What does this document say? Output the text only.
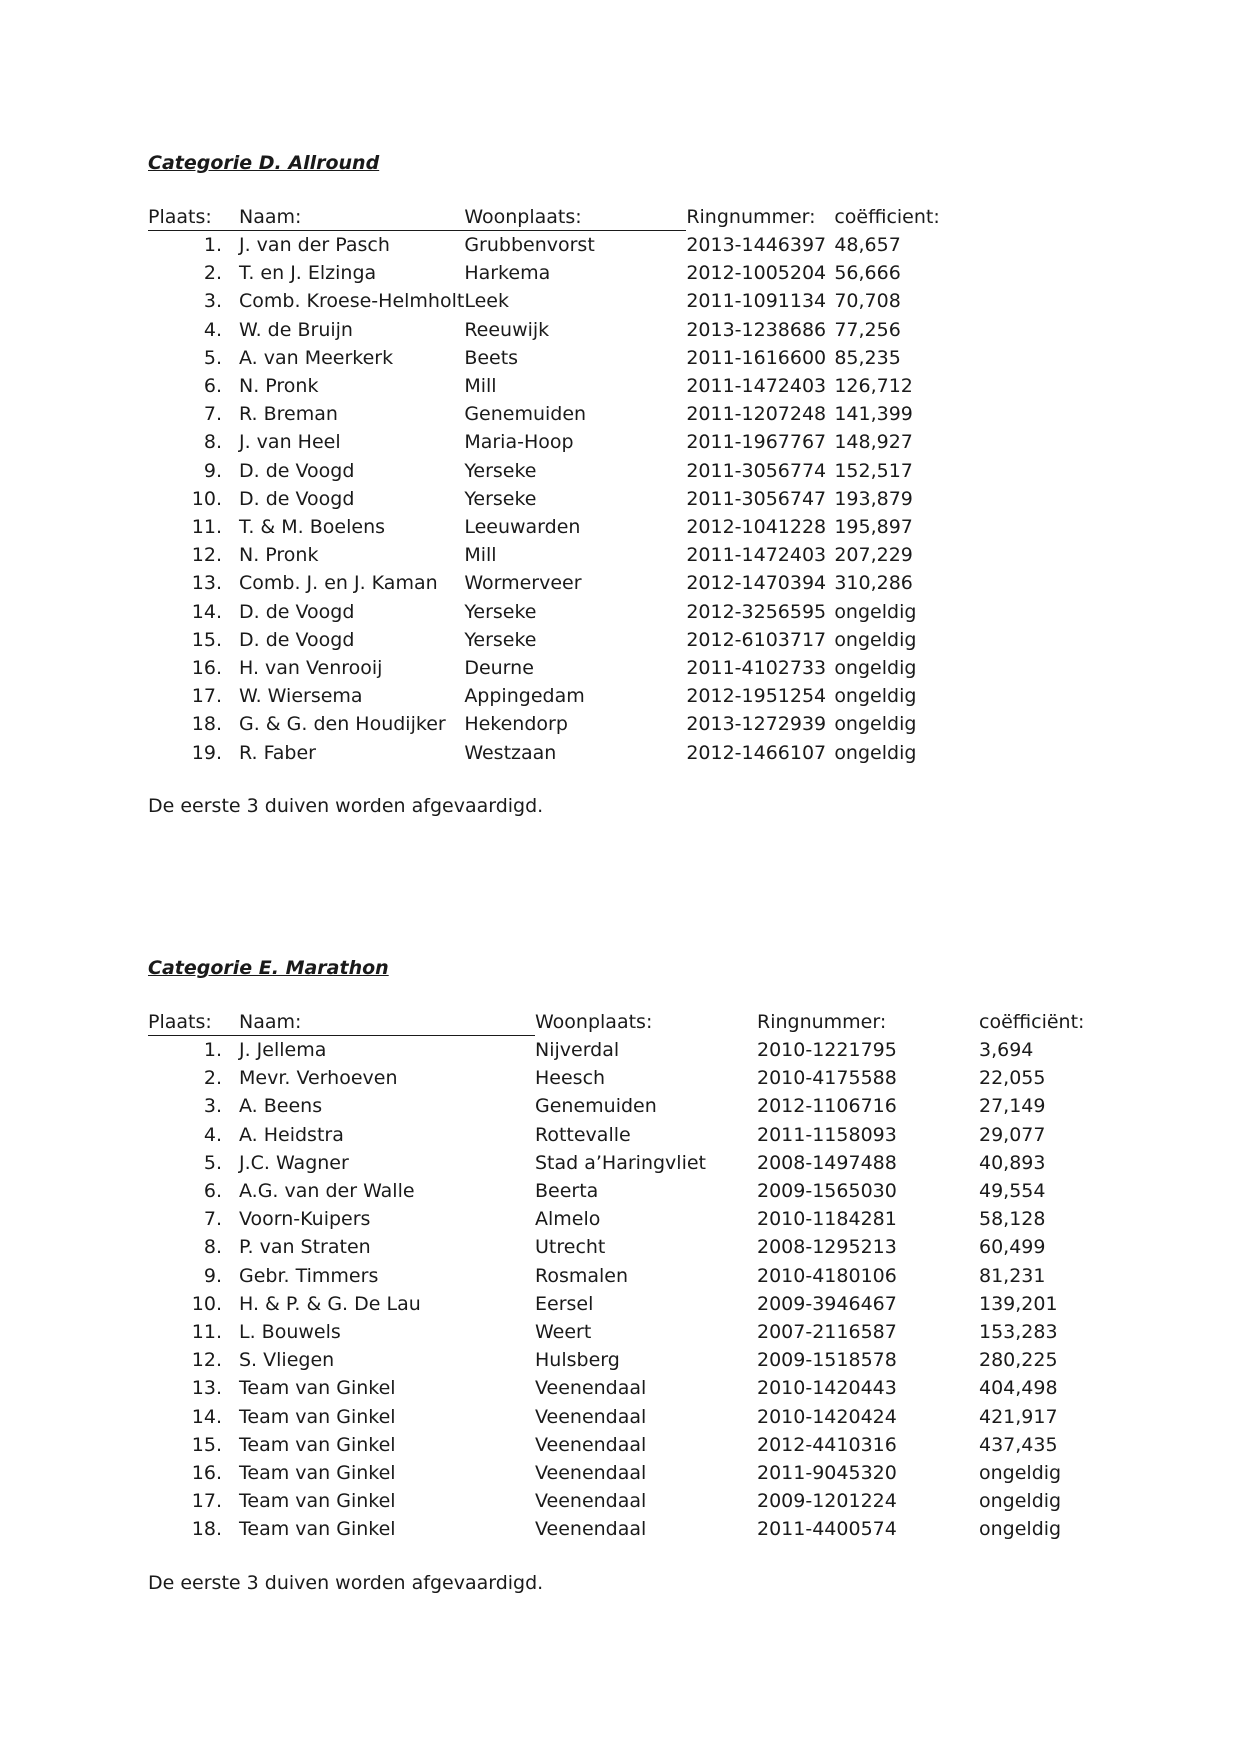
Categorie D. Allround
Plaats:	Naam:	Woonplaats:	Ringnummer:	coëfficient:
1.	J. van der Pasch	Grubbenvorst	2013-1446397	48,657
2.	T. en J. Elzinga	Harkema	2012-1005204	56,666
3.	Comb. Kroese-Helmholt	Leek	2011-1091134	70,708
4.	W. de Bruijn	Reeuwijk	2013-1238686	77,256
5.	A. van Meerkerk	Beets	2011-1616600	85,235
6.	N. Pronk	Mill	2011-1472403	126,712
7.	R. Breman	Genemuiden	2011-1207248	141,399
8.	J. van Heel	Maria-Hoop	2011-1967767	148,927
9.	D. de Voogd	Yerseke	2011-3056774	152,517
10.	D. de Voogd	Yerseke	2011-3056747	193,879
11.	T. & M. Boelens	Leeuwarden	2012-1041228	195,897
12.	N. Pronk	Mill	2011-1472403	207,229
13.	Comb. J. en J. Kaman	Wormerveer	2012-1470394	310,286
14.	D. de Voogd	Yerseke	2012-3256595	ongeldig
15.	D. de Voogd	Yerseke	2012-6103717	ongeldig
16.	H. van Venrooij	Deurne	2011-4102733	ongeldig
17.	W. Wiersema	Appingedam	2012-1951254	ongeldig
18.	G. & G. den Houdijker	Hekendorp	2013-1272939	ongeldig
19.	R. Faber	Westzaan	2012-1466107	ongeldig
De eerste 3 duiven worden afgevaardigd.
Categorie E. Marathon
Plaats:	Naam:	Woonplaats:	Ringnummer:	coëfficiënt:
1.	J. Jellema	Nijverdal	2010-1221795	3,694
2.	Mevr. Verhoeven	Heesch	2010-4175588	22,055
3.	A. Beens	Genemuiden	2012-1106716	27,149
4.	A. Heidstra	Rottevalle	2011-1158093	29,077
5.	J.C. Wagner	Stad a’Haringvliet	2008-1497488	40,893
6.	A.G. van der Walle	Beerta	2009-1565030	49,554
7.	Voorn-Kuipers	Almelo	2010-1184281	58,128
8.	P. van Straten	Utrecht	2008-1295213	60,499
9.	Gebr. Timmers	Rosmalen	2010-4180106	81,231
10.	H. & P. & G. De Lau	Eersel	2009-3946467	139,201
11.	L. Bouwels	Weert	2007-2116587	153,283
12.	S. Vliegen	Hulsberg	2009-1518578	280,225
13.	Team van Ginkel	Veenendaal	2010-1420443	404,498
14.	Team van Ginkel	Veenendaal	2010-1420424	421,917
15.	Team van Ginkel	Veenendaal	2012-4410316	437,435
16.	Team van Ginkel	Veenendaal	2011-9045320	ongeldig
17.	Team van Ginkel	Veenendaal	2009-1201224	ongeldig
18.	Team van Ginkel	Veenendaal	2011-4400574	ongeldig
De eerste 3 duiven worden afgevaardigd.
